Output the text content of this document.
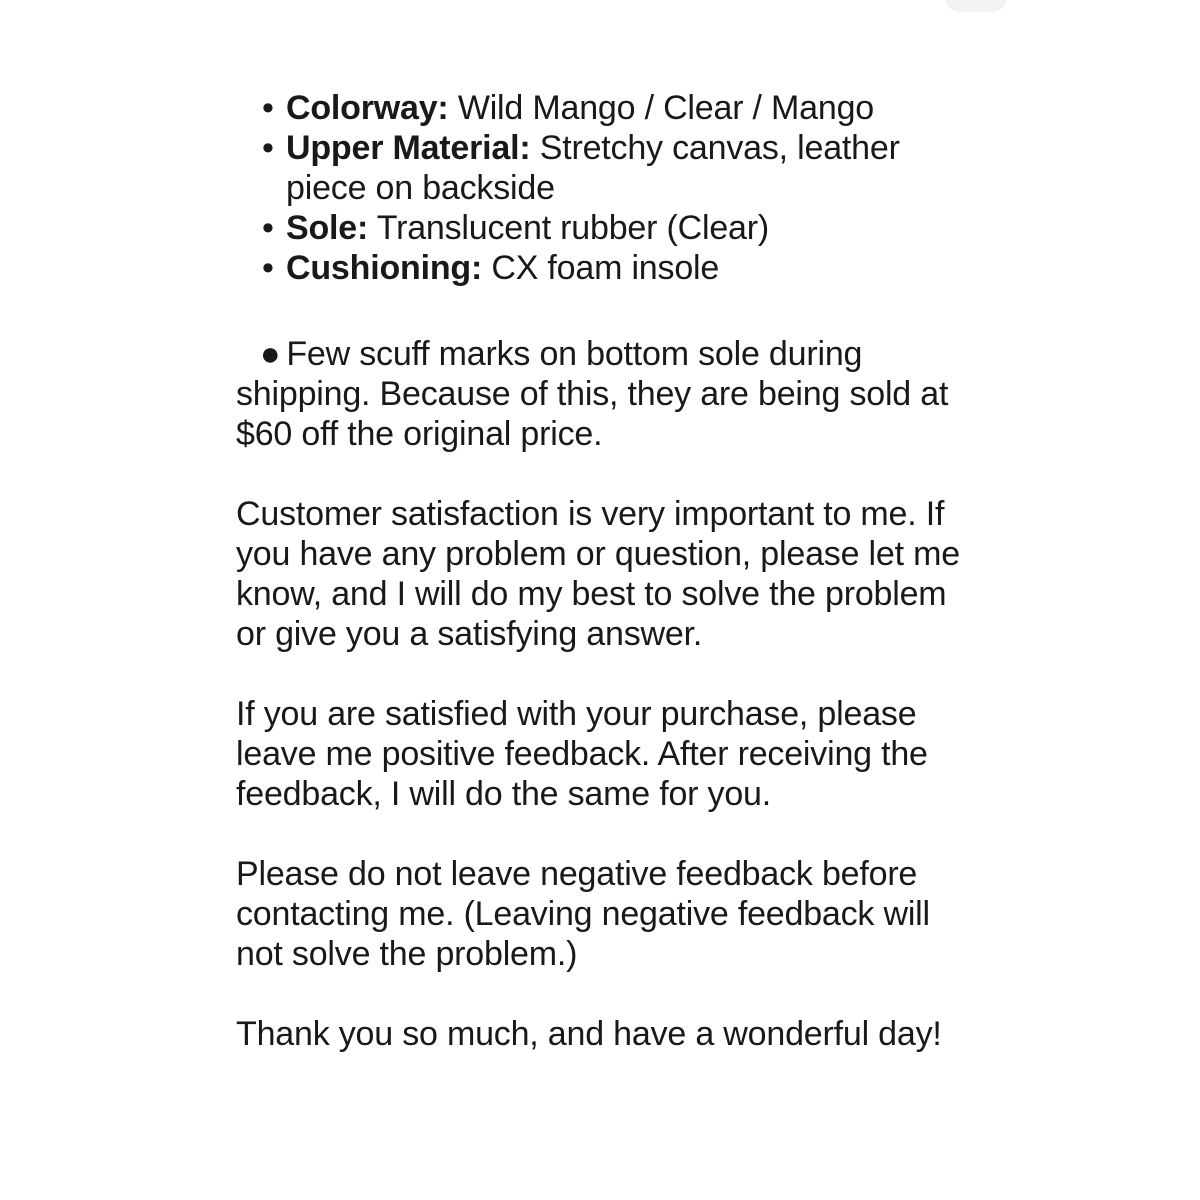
• Colorway: Wild Mango / Clear / Mango
• Upper Material: Stretchy canvas, leather piece on backside
• Sole: Translucent rubber (Clear)
• Cushioning: CX foam insole
● Few scuff marks on bottom sole during shipping. Because of this, they are being sold at $60 off the original price.

Customer satisfaction is very important to me. If you have any problem or question, please let me know, and I will do my best to solve the problem or give you a satisfying answer.

If you are satisfied with your purchase, please leave me positive feedback. After receiving the feedback, I will do the same for you.

Please do not leave negative feedback before contacting me. (Leaving negative feedback will not solve the problem.)

Thank you so much, and have a wonderful day!
